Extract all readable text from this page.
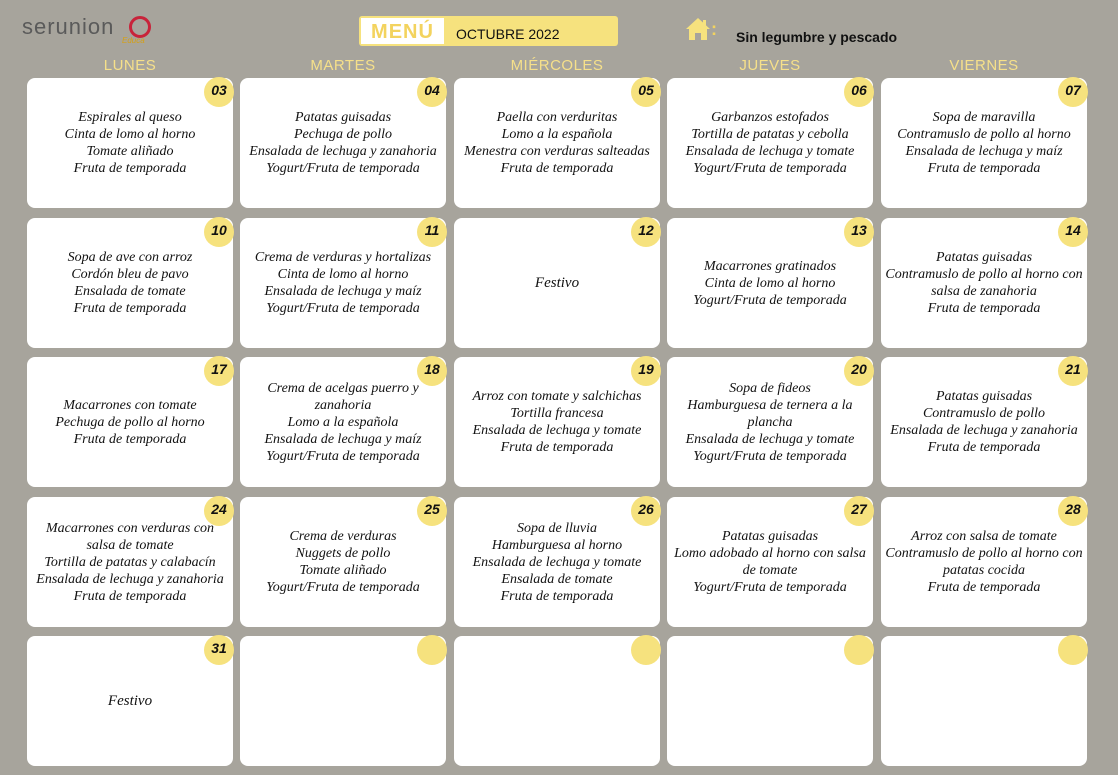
serunion
Educa	MENÚ	OCTUBRE 2022	: Sin legumbre y pescado
LUNES	MARTES	MIÉRCOLES	JUEVES	VIERNES
03
Espirales al queso
Cinta de lomo al horno
Tomate aliñado
Fruta de temporada
04
Patatas guisadas
Pechuga de pollo
Ensalada de lechuga y zanahoria
Yogurt/Fruta de temporada
05
Paella con verduritas
Lomo a la española
Menestra con verduras salteadas
Fruta de temporada
06
Garbanzos estofados
Tortilla de patatas y cebolla
Ensalada de lechuga y tomate
Yogurt/Fruta de temporada
07
Sopa de maravilla
Contramuslo de pollo al horno
Ensalada de lechuga y maíz
Fruta de temporada
10
Sopa de ave con arroz
Cordón bleu de pavo
Ensalada de tomate
Fruta de temporada
11
Crema de verduras y hortalizas
Cinta de lomo al horno
Ensalada de lechuga y maíz
Yogurt/Fruta de temporada
12
Festivo
13
Macarrones gratinados
Cinta de lomo al horno
Yogurt/Fruta de temporada
14
Patatas guisadas
Contramuslo de pollo al horno con salsa de zanahoria
Fruta de temporada
17
Macarrones con tomate
Pechuga de pollo al horno
Fruta de temporada
18
Crema de acelgas puerro y zanahoria
Lomo a la española
Ensalada de lechuga y maíz
Yogurt/Fruta de temporada
19
Arroz con tomate y salchichas
Tortilla francesa
Ensalada de lechuga y tomate
Fruta de temporada
20
Sopa de fideos
Hamburguesa de ternera a la plancha
Ensalada de lechuga y tomate
Yogurt/Fruta de temporada
21
Patatas guisadas
Contramuslo de pollo
Ensalada de lechuga y zanahoria
Fruta de temporada
24
Macarrones con verduras con salsa de tomate
Tortilla de patatas y calabacín
Ensalada de lechuga y zanahoria
Fruta de temporada
25
Crema de verduras
Nuggets de pollo
Tomate aliñado
Yogurt/Fruta de temporada
26
Sopa de lluvia
Hamburguesa al horno
Ensalada de lechuga y tomate
Ensalada de tomate
Fruta de temporada
27
Patatas guisadas
Lomo adobado al horno con salsa de tomate
Yogurt/Fruta de temporada
28
Arroz con salsa de tomate
Contramuslo de pollo al horno con patatas cocida
Fruta de temporada
31
Festivo
